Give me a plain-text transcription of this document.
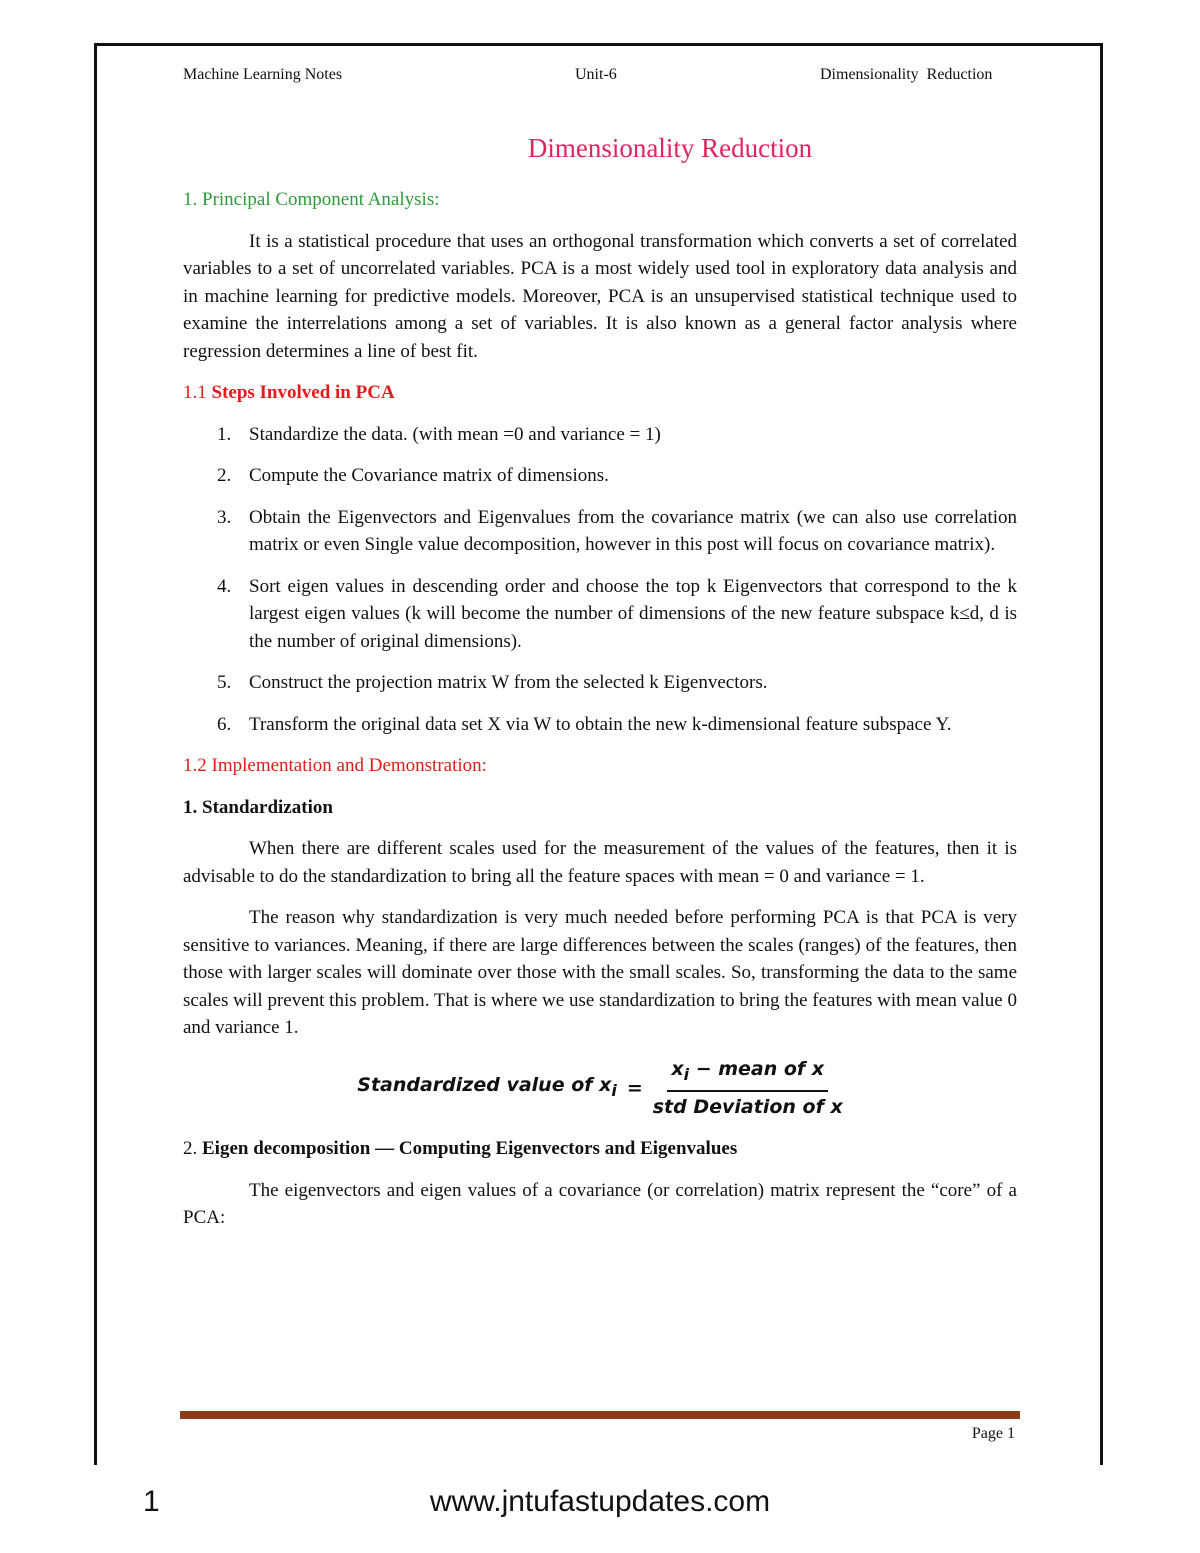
Machine Learning Notes	Unit-6	Dimensionality  Reduction
Dimensionality Reduction

1. Principal Component Analysis:

It is a statistical procedure that uses an orthogonal transformation which converts a set of correlated variables to a set of uncorrelated variables. PCA is a most widely used tool in exploratory data analysis and in machine learning for predictive models. Moreover, PCA is an unsupervised statistical technique used to examine the interrelations among a set of variables. It is also known as a general factor analysis where regression determines a line of best fit.

1.1 Steps Involved in PCA

1. Standardize the data. (with mean =0 and variance = 1)
2. Compute the Covariance matrix of dimensions.
3. Obtain the Eigenvectors and Eigenvalues from the covariance matrix (we can also use correlation matrix or even Single value decomposition, however in this post will focus on covariance matrix).
4. Sort eigen values in descending order and choose the top k Eigenvectors that correspond to the k largest eigen values (k will become the number of dimensions of the new feature subspace k≤d, d is the number of original dimensions).
5. Construct the projection matrix W from the selected k Eigenvectors.
6. Transform the original data set X via W to obtain the new k-dimensional feature subspace Y.

1.2 Implementation and Demonstration:

1. Standardization

When there are different scales used for the measurement of the values of the features, then it is advisable to do the standardization to bring all the feature spaces with mean = 0 and variance = 1.

The reason why standardization is very much needed before performing PCA is that PCA is very sensitive to variances. Meaning, if there are large differences between the scales (ranges) of the features, then those with larger scales will dominate over those with the small scales. So, transforming the data to the same scales will prevent this problem. That is where we use standardization to bring the features with mean value 0 and variance 1.

Standardized value of $x_i = \frac{x_i - mean of x}{\text{std Deviation of x}}$

2. Eigen decomposition — Computing Eigenvectors and Eigenvalues

The eigenvectors and eigen values of a covariance (or correlation) matrix represent the “core” of a PCA:

Page 1
1	www.jntufastupdates.com
